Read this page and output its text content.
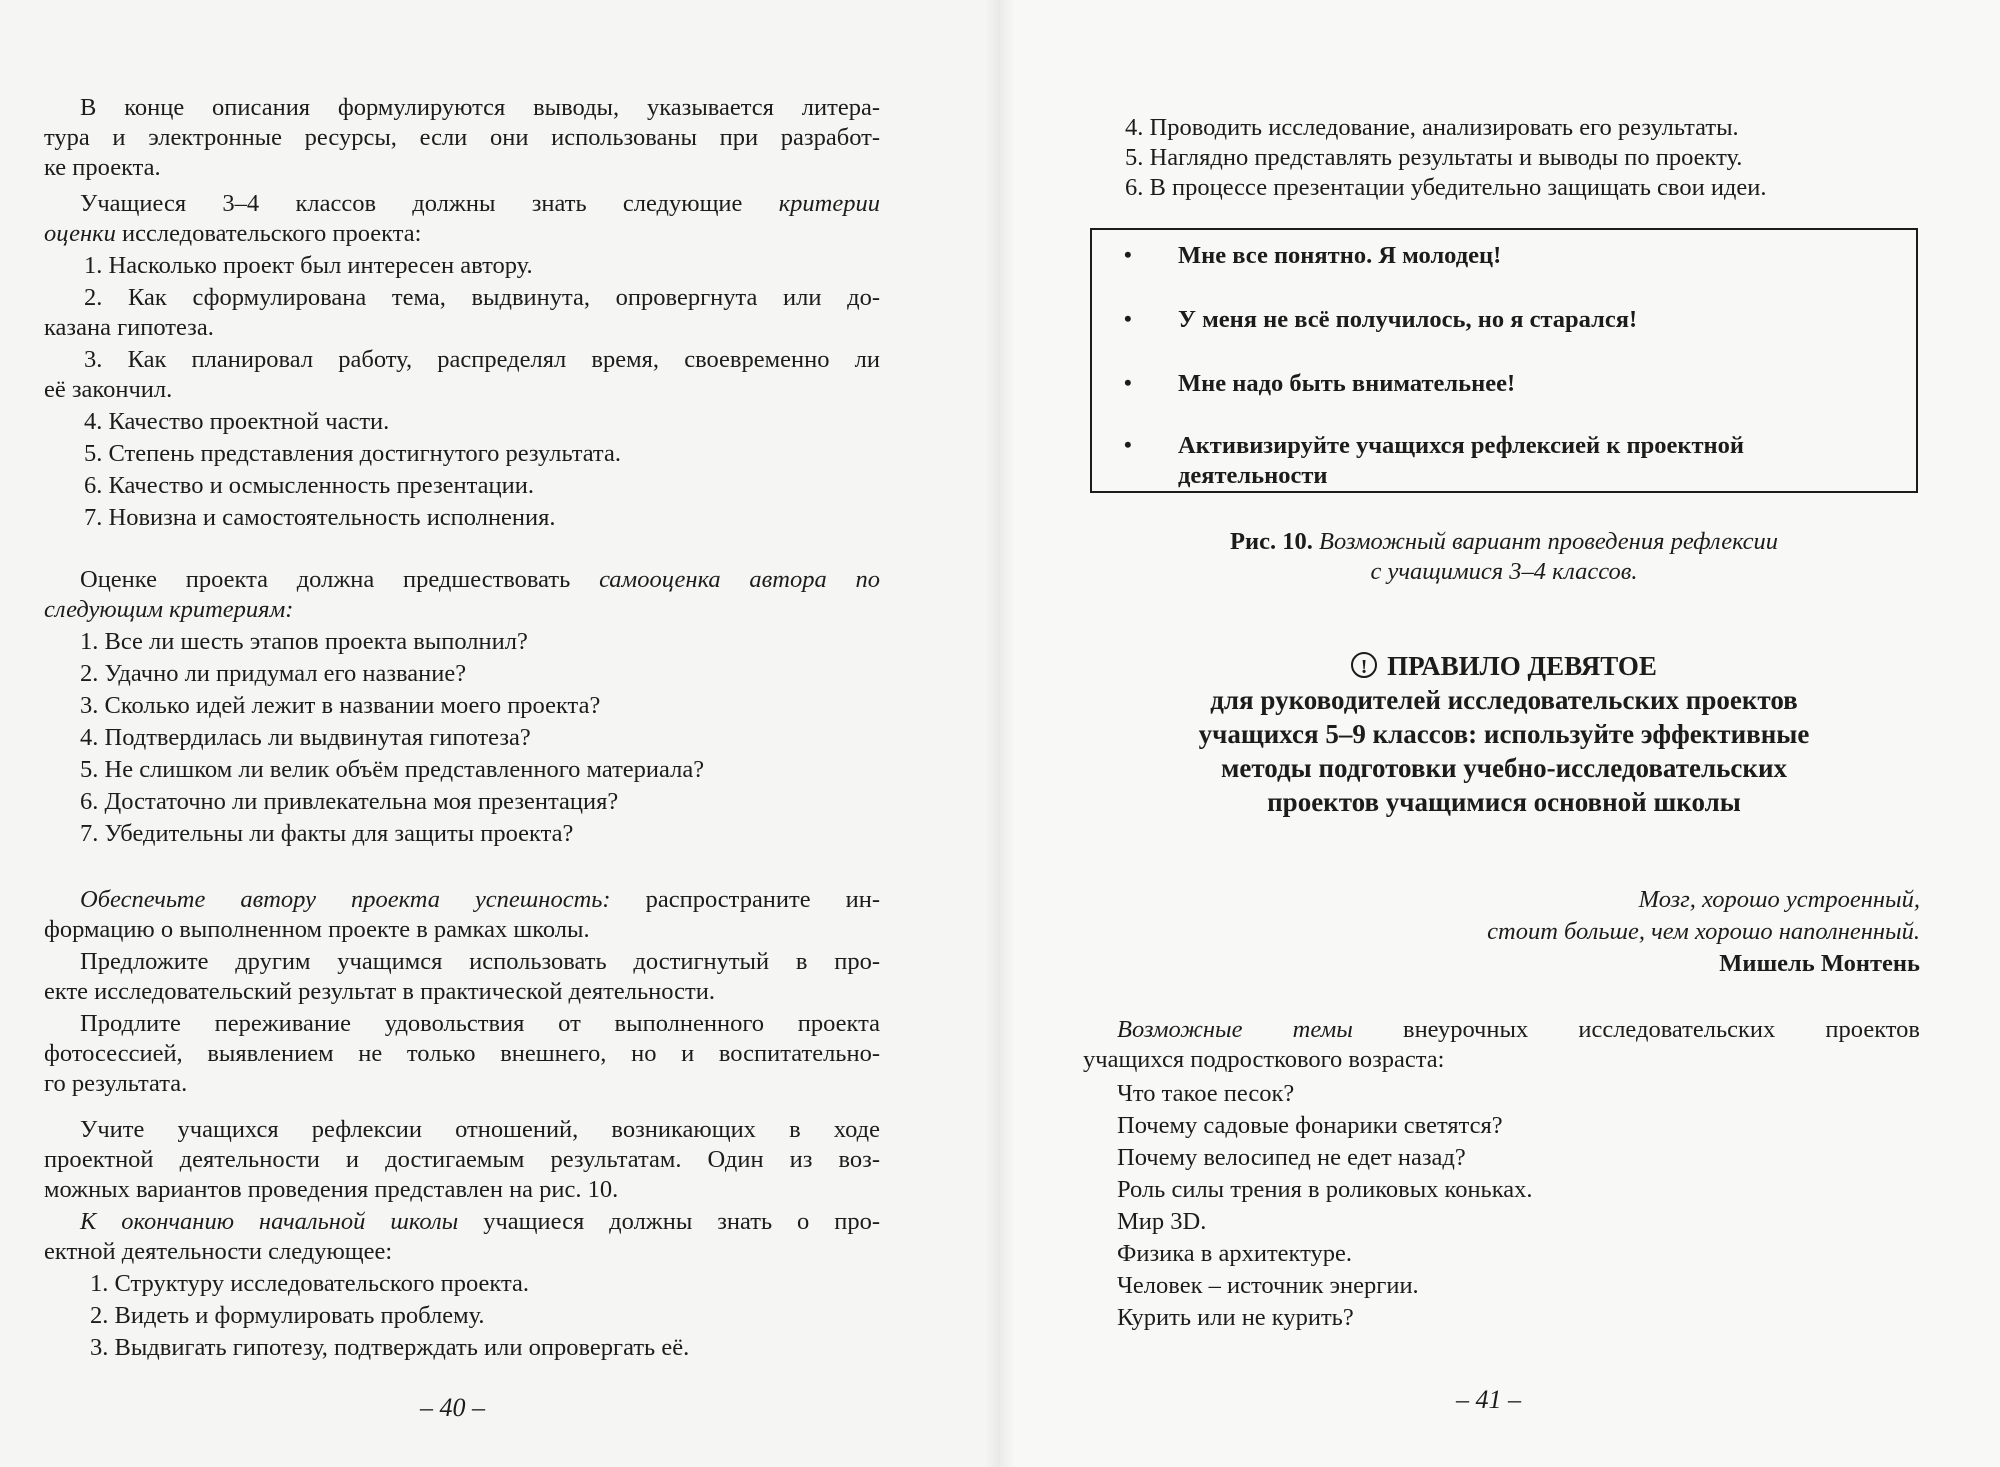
В конце описания формулируются выводы, указывается литера-
тура и электронные ресурсы, если они использованы при разработ-
ке проекта.
Учащиеся 3–4 классов должны знать следующие критерии
оценки исследовательского проекта:
1. Насколько проект был интересен автору.
2. Как сформулирована тема, выдвинута, опровергнута или до-
казана гипотеза.
3. Как планировал работу, распределял время, своевременно ли
её закончил.
4. Качество проектной части.
5. Степень представления достигнутого результата.
6. Качество и осмысленность презентации.
7. Новизна и самостоятельность исполнения.
Оценке проекта должна предшествовать самооценка автора по
следующим критериям:
1. Все ли шесть этапов проекта выполнил?
2. Удачно ли придумал его название?
3. Сколько идей лежит в названии моего проекта?
4. Подтвердилась ли выдвинутая гипотеза?
5. Не слишком ли велик объём представленного материала?
6. Достаточно ли привлекательна моя презентация?
7. Убедительны ли факты для защиты проекта?
Обеспечьте автору проекта успешность: распространите ин-
формацию о выполненном проекте в рамках школы.
Предложите другим учащимся использовать достигнутый в про-
екте исследовательский результат в практической деятельности.
Продлите переживание удовольствия от выполненного проекта
фотосессией, выявлением не только внешнего, но и воспитательно-
го результата.
Учите учащихся рефлексии отношений, возникающих в ходе
проектной деятельности и достигаемым результатам. Один из воз-
можных вариантов проведения представлен на рис. 10.
К окончанию начальной школы учащиеся должны знать о про-
ектной деятельности следующее:
1. Структуру исследовательского проекта.
2. Видеть и формулировать проблему.
3. Выдвигать гипотезу, подтверждать или опровергать её.
– 40 –
4. Проводить исследование, анализировать его результаты.
5. Наглядно представлять результаты и выводы по проекту.
6. В процессе презентации убедительно защищать свои идеи.
• Мне все понятно. Я молодец!
• У меня не всё получилось, но я старался!
• Мне надо быть внимательнее!
• Активизируйте учащихся рефлексией к проектной
деятельности
Рис. 10. Возможный вариант проведения рефлексии
с учащимися 3–4 классов.
! ПРАВИЛО ДЕВЯТОЕ
для руководителей исследовательских проектов
учащихся 5–9 классов: используйте эффективные
методы подготовки учебно-исследовательских
проектов учащимися основной школы
Мозг, хорошо устроенный,
стоит больше, чем хорошо наполненный.
Мишель Монтень
Возможные темы внеурочных исследовательских проектов
учащихся подросткового возраста:
Что такое песок?
Почему садовые фонарики светятся?
Почему велосипед не едет назад?
Роль силы трения в роликовых коньках.
Мир 3D.
Физика в архитектуре.
Человек – источник энергии.
Курить или не курить?
– 41 –
